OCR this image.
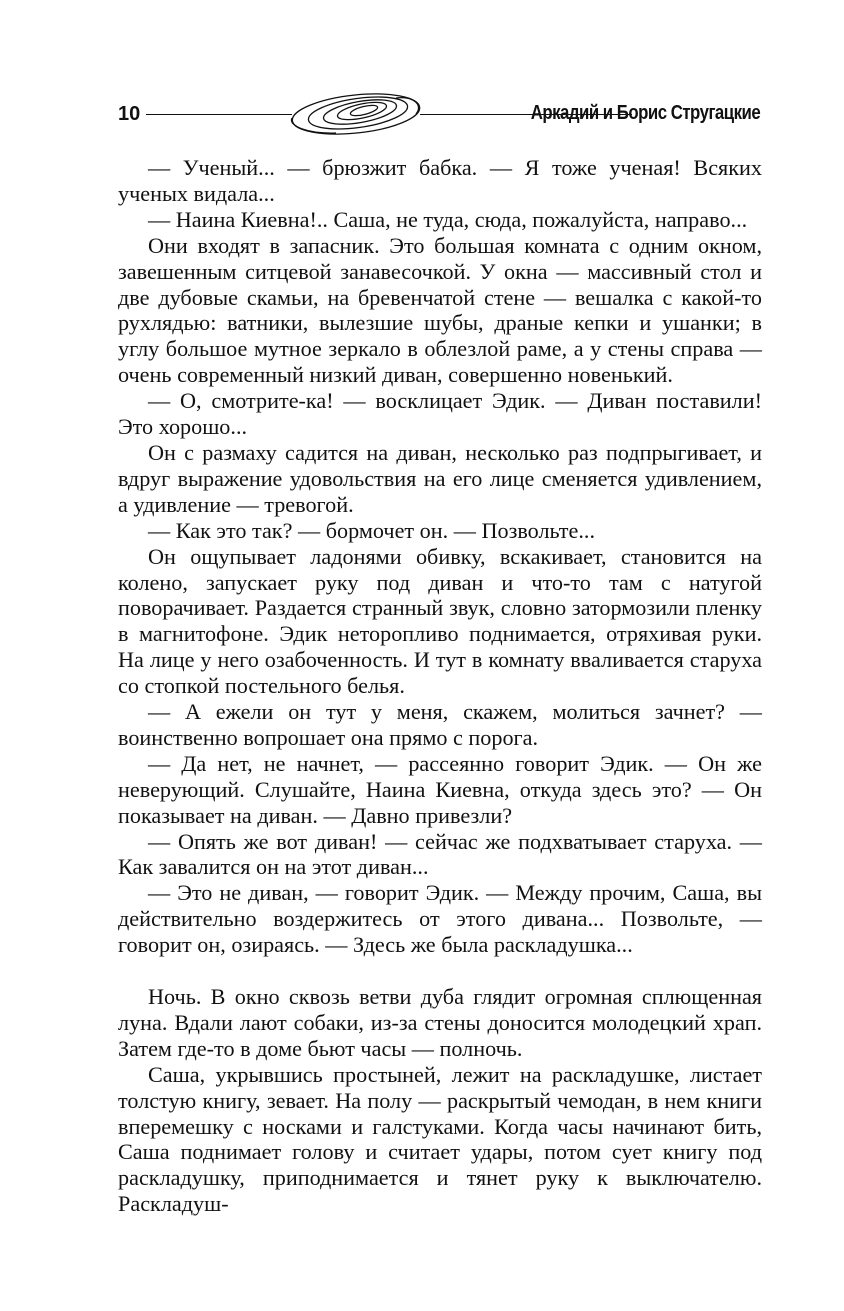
10	Аркадий и Борис Стругацкие

— Ученый... — брюзжит бабка. — Я тоже ученая! Всяких ученых видала...

— Наина Киевна!.. Саша, не туда, сюда, пожалуйста, направо...

Они входят в запасник. Это большая комната с одним окном, завешенным ситцевой занавесочкой. У окна — массивный стол и две дубовые скамьи, на бревенчатой стене — вешалка с какой-то рухлядью: ватники, вылезшие шубы, драные кепки и ушанки; в углу большое мутное зеркало в облезлой раме, а у стены справа — очень современный низкий диван, совершенно новенький.

— О, смотрите-ка! — восклицает Эдик. — Диван поставили! Это хорошо...

Он с размаху садится на диван, несколько раз подпрыгивает, и вдруг выражение удовольствия на его лице сменяется удивлением, а удивление — тревогой.

— Как это так? — бормочет он. — Позвольте...

Он ощупывает ладонями обивку, вскакивает, становится на колено, запускает руку под диван и что-то там с натугой поворачивает. Раздается странный звук, словно затормозили пленку в магнитофоне. Эдик неторопливо поднимается, отряхивая руки. На лице у него озабоченность. И тут в комнату вваливается старуха со стопкой постельного белья.

— А ежели он тут у меня, скажем, молиться зачнет? — воинственно вопрошает она прямо с порога.

— Да нет, не начнет, — рассеянно говорит Эдик. — Он же неверующий. Слушайте, Наина Киевна, откуда здесь это? — Он показывает на диван. — Давно привезли?

— Опять же вот диван! — сейчас же подхватывает старуха. — Как завалится он на этот диван...

— Это не диван, — говорит Эдик. — Между прочим, Саша, вы действительно воздержитесь от этого дивана... Позвольте, — говорит он, озираясь. — Здесь же была раскладушка...

Ночь. В окно сквозь ветви дуба глядит огромная сплющенная луна. Вдали лают собаки, из-за стены доносится молодецкий храп. Затем где-то в доме бьют часы — полночь.

Саша, укрывшись простыней, лежит на раскладушке, листает толстую книгу, зевает. На полу — раскрытый чемодан, в нем книги вперемешку с носками и галстуками. Когда часы начинают бить, Саша поднимает голову и считает удары, потом сует книгу под раскладушку, приподнимается и тянет руку к выключателю. Раскладуш-
